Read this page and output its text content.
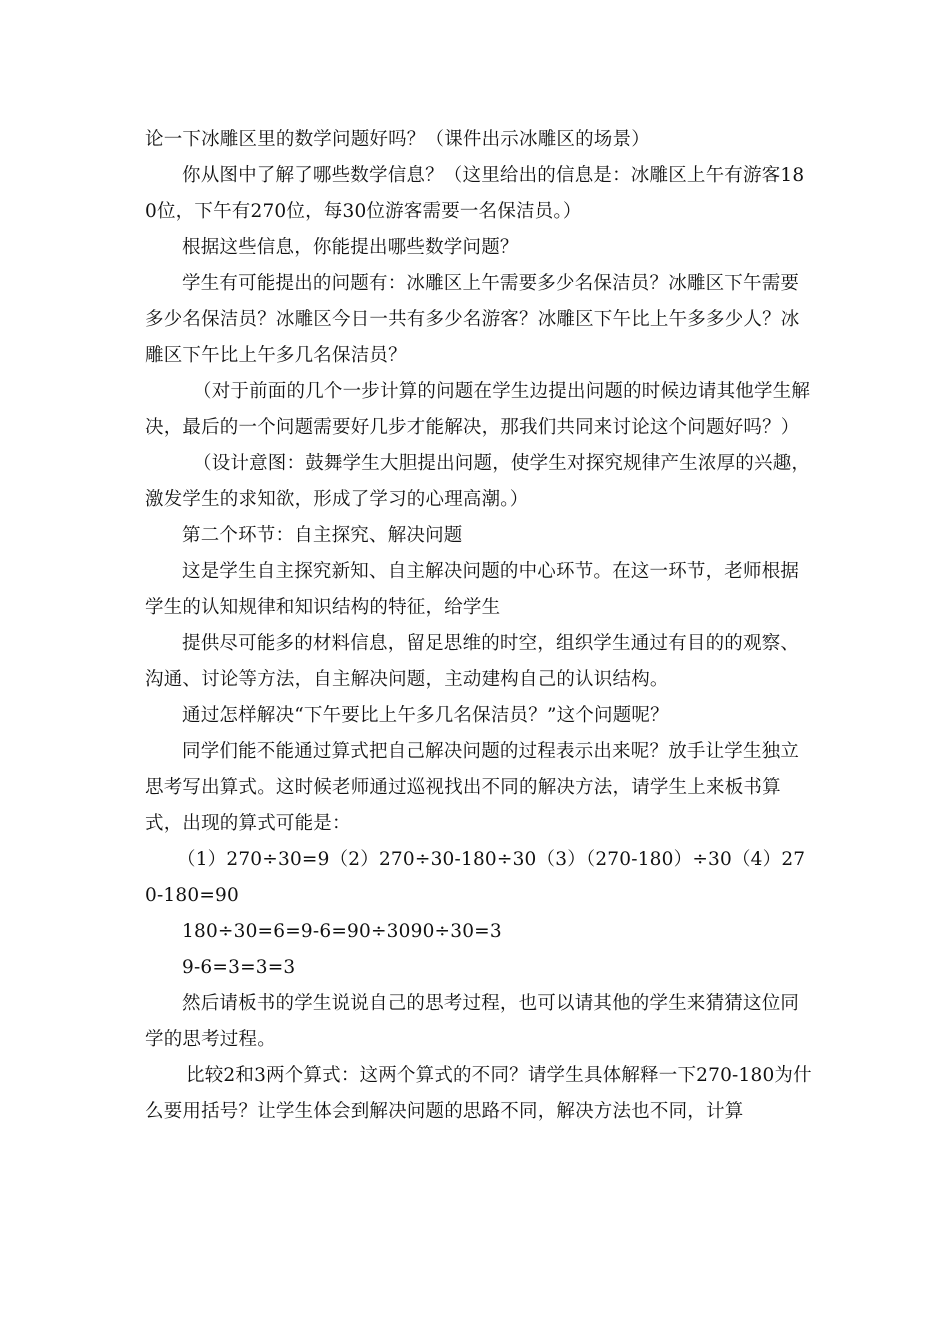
论一下冰雕区里的数学问题好吗？（课件出示冰雕区的场景）

你从图中了解了哪些数学信息？（这里给出的信息是：冰雕区上午有游客180位，下午有270位，每30位游客需要一名保洁员。）

根据这些信息，你能提出哪些数学问题？

学生有可能提出的问题有：冰雕区上午需要多少名保洁员？冰雕区下午需要多少名保洁员？冰雕区今日一共有多少名游客？冰雕区下午比上午多多少人？冰雕区下午比上午多几名保洁员？

（对于前面的几个一步计算的问题在学生边提出问题的时候边请其他学生解决，最后的一个问题需要好几步才能解决，那我们共同来讨论这个问题好吗？）

（设计意图：鼓舞学生大胆提出问题，使学生对探究规律产生浓厚的兴趣，激发学生的求知欲，形成了学习的心理高潮。）

第二个环节：自主探究、解决问题

这是学生自主探究新知、自主解决问题的中心环节。在这一环节，老师根据学生的认知规律和知识结构的特征，给学生

提供尽可能多的材料信息，留足思维的时空，组织学生通过有目的的观察、沟通、讨论等方法，自主解决问题，主动建构自己的认识结构。

通过怎样解决“下午要比上午多几名保洁员？”这个问题呢？

同学们能不能通过算式把自己解决问题的过程表示出来呢？放手让学生独立思考写出算式。这时候老师通过巡视找出不同的解决方法，请学生上来板书算式，出现的算式可能是：

（1）270÷30=9（2）270÷30-180÷30（3）（270-180）÷30（4）270-180=90

180÷30=6=9-6=90÷3090÷30=3

9-6=3=3=3

然后请板书的学生说说自己的思考过程，也可以请其他的学生来猜猜这位同学的思考过程。

比较2和3两个算式：这两个算式的不同？请学生具体解释一下270-180为什么要用括号？让学生体会到解决问题的思路不同，解决方法也不同，计算
